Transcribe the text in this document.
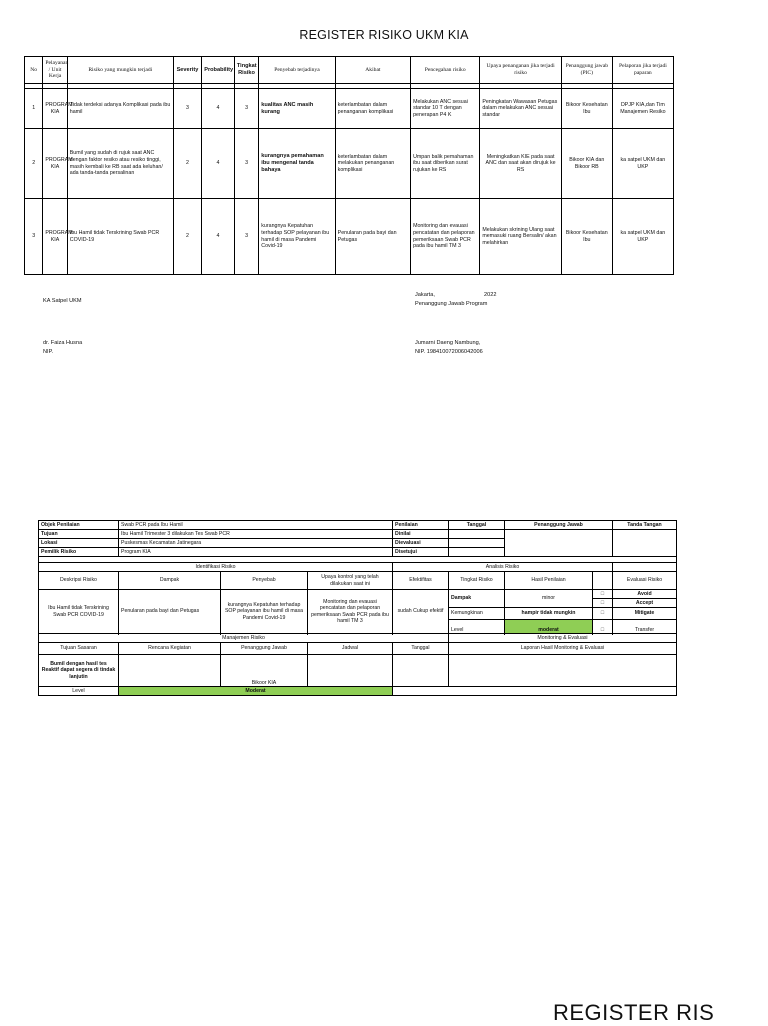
REGISTER RISIKO UKM KIA
No	Pelayanan / Unit Kerja	Risiko yang mungkin terjadi	Severity	Probability	Tingkat Risiko	Penyebab terjadinya	Akibat	Pencegahan risiko	Upaya penanganan jika terjadi risiko	Penanggung jawab (PIC)	Pelaporan jika terjadi paparan

1	PROGRAM KIA	Tidak terdeksi adanya Komplikasi pada ibu hamil	3	4	3	kualitas ANC masih kurang	keterlambatan dalam penanganan komplikasi	Melakukan ANC sesuai standar 10 T dengan penerapan P4 K	Peningkatan Wawasan Petugas dalam melakukan ANC sesuai standar	Bikoor Kesehatan Ibu	DPJP KIA,dan Tim Manajemen Resiko
2	PROGRAM KIA	Bumil yang sudah di rujuk saat ANC dengan faktor resiko atau resiko tinggi, masih kembali ke RB saat ada keluhan/ ada tanda-tanda persalinan	2	4	3	kurangnya pemahaman ibu mengenal tanda bahaya	keterlambatan dalam melakukan penanganan komplikasi	Umpan balik pemahaman ibu saat diberikan surat rujukan ke RS	Meningkatkan KIE pada saat ANC dan saat akan dirujuk ke RS	Bikoor KIA dan Bikoor RB	ka satpel UKM dan UKP
3	PROGRAM KIA	Ibu Hamil tidak Terskrining Swab PCR COVID-19	2	4	3	kurangnya Kepatuhan terhadap SOP pelayanan ibu hamil di masa Pandemi Covid-19	Penularan pada bayi dan Petugas	Monitoring dan evauasi pencatatan dan pelaporan pemeriksaan Swab PCR pada ibu hamil TM 3	Melakukan skrining Ulang saat memasuki ruang Bersalin/ akan melahirkan	Bikoor Kesehatan Ibu	ka satpel UKM dan UKP
KA Satpel UKM
dr. Faiza Husna
NIP.
Jakarta,	2022
Penanggung Jawab Program
Jumarni Daeng Nambung,
NIP. 198410072006042006
Objek Penilaian	Swab PCR pada Ibu Hamil			Penilaian	Tanggal	Penanggung Jawab		Tanda Tangan
Tujuan	Ibu Hamil Trimester 3 dilakukan Tes Swab PCR			Dinilai				
Lokasi	Puskesmas Kecamatan Jatinegara			Dievaluasi				
Pemilik Risiko	Program KIA			Disetujui				

Identifikasi Risiko				Analisis Risiko				
Deskripsi Risiko	Dampak	Penyebab	Upaya kontrol yang telah dilakukan saat ini	Efektifitas	Tingkat Risiko	Hasil Penilaian		Evaluasi Risiko
Ibu Hamil tidak Terskrining Swab PCR COVID-19	Penularan pada bayi dan Petugas	kurangnya Kepatuhan terhadap SOP pelayanan ibu hamil di masa Pandemi Covid-19	Monitoring dan evauasi pencatatan dan pelaporan pemeriksaan Swab PCR pada ibu hamil TM 3	sudah Cukup efektif	Dampak	minor	□	Avoid
							□	Accept
					Kemungkinan	hampir tidak mungkin	□	Mitigate

					Level	moderat	□	Transfer

Manajemen Risiko					Monitoring & Evaluasi			
Tujuan Sasaran	Rencana Kegiatan	Penanggung Jawab	Jadwal	Tanggal	Laporan Hasil Monitoring & Evaluasi			
Bumil dengan hasil tes Reaktif dapat segera di tindak lanjutin		Bikoor KIA						
Level	Moderat							
REGISTER RIS
